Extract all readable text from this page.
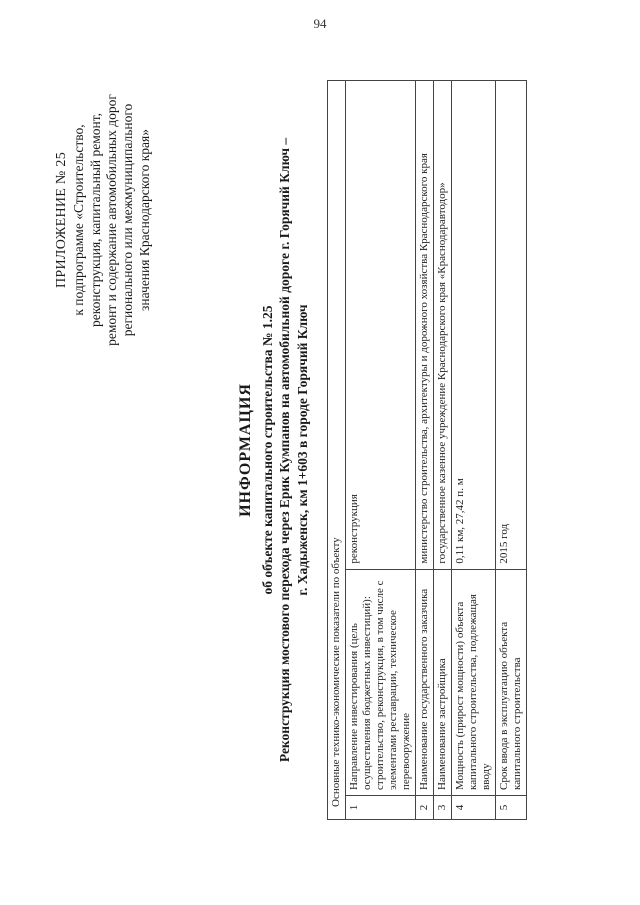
94
ПРИЛОЖЕНИЕ № 25 к подпрограмме «Строительство, реконструкция, капитальный ремонт, ремонт и содержание автомобильных дорог регионального или межмуниципального значения Краснодарского края»
ИНФОРМАЦИЯ об объекте капитального строительства № 1.25 Реконструкция мостового перехода через Ерик Кумпанов на автомобильной дороге г. Горячий Ключ – г. Хадыженск, км 1+603 в городе Горячий Ключ
Основные технико-экономические показатели по объекту		
1	Направление инвестирования (цель осуществления бюджетных инвестиций): строительство, реконструкция, в том числе с элементами реставрации, техническое перевооружение	реконструкция
2	Наименование государственного заказчика	министерство строительства, архитектуры и дорожного хозяйства Краснодарского края
3	Наименование застройщика	государственное казенное учреждение Краснодарского края «Краснодаравтодор»
4	Мощность (прирост мощности) объекта капитального строительства, подлежащая вводу	0,11 км, 27,42 п. м
5	Срок ввода в эксплуатацию объекта капитального строительства	2015 год
